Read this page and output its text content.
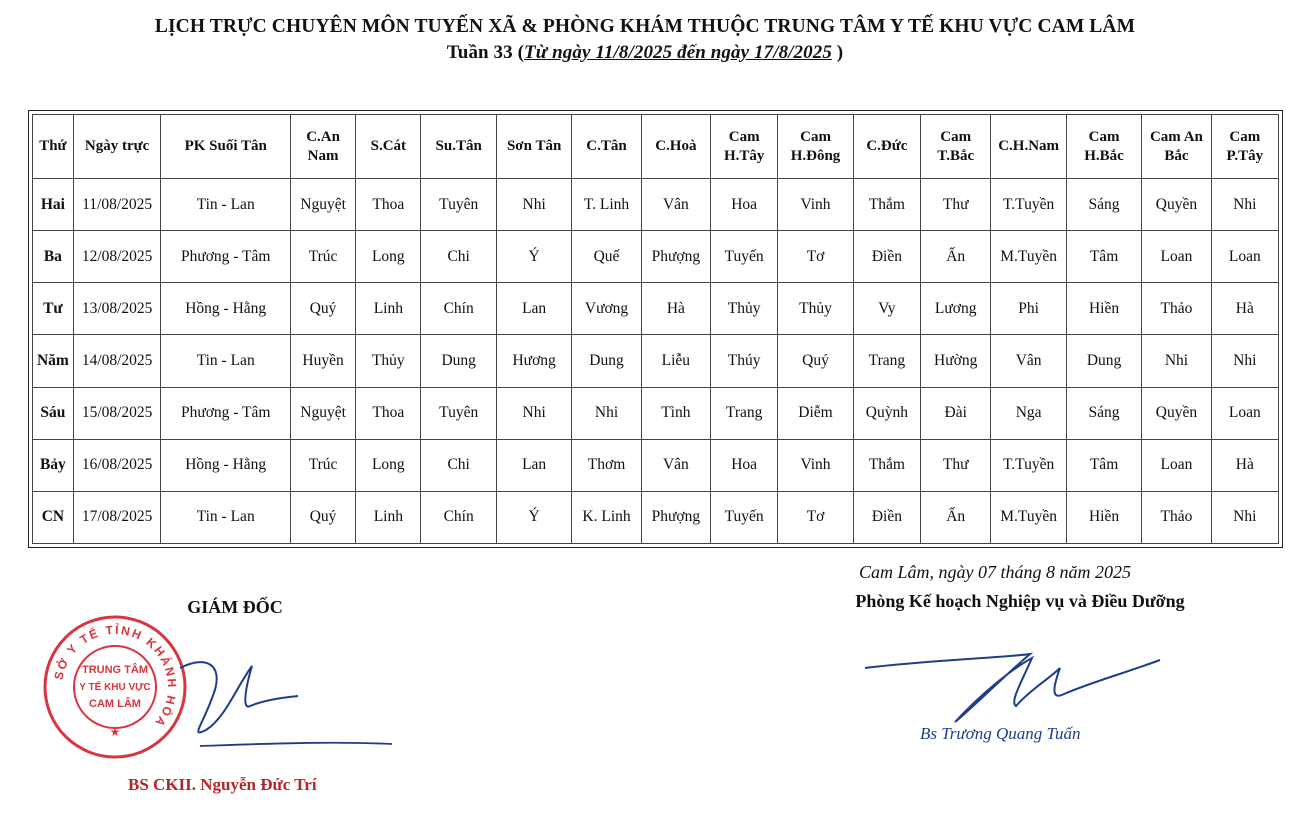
LỊCH TRỰC CHUYÊN MÔN TUYẾN XÃ & PHÒNG KHÁM THUỘC TRUNG TÂM Y TẾ KHU VỰC CAM LÂM
Tuần 33 (Từ ngày 11/8/2025 đến ngày 17/8/2025 )
Thứ	Ngày trực	PK Suối Tân	C.An Nam	S.Cát	Su.Tân	Sơn Tân	C.Tân	C.Hoà	Cam H.Tây	Cam H.Đông	C.Đức	Cam T.Bắc	C.H.Nam	Cam H.Bắc	Cam An Bắc	Cam P.Tây
Hai	11/08/2025	Tin - Lan	Nguyệt	Thoa	Tuyên	Nhi	T. Linh	Vân	Hoa	Vinh	Thắm	Thư	T.Tuyền	Sáng	Quyền	Nhi
Ba	12/08/2025	Phương - Tâm	Trúc	Long	Chi	Ý	Quế	Phượng	Tuyến	Tơ	Điền	Ấn	M.Tuyền	Tâm	Loan	Loan
Tư	13/08/2025	Hồng - Hằng	Quý	Linh	Chín	Lan	Vương	Hà	Thủy	Thủy	Vy	Lương	Phi	Hiền	Thảo	Hà
Năm	14/08/2025	Tin - Lan	Huyền	Thủy	Dung	Hương	Dung	Liễu	Thúy	Quý	Trang	Hường	Vân	Dung	Nhi	Nhi
Sáu	15/08/2025	Phương - Tâm	Nguyệt	Thoa	Tuyên	Nhi	Nhi	Tình	Trang	Diễm	Quỳnh	Đài	Nga	Sáng	Quyền	Loan
Bảy	16/08/2025	Hồng - Hằng	Trúc	Long	Chi	Lan	Thơm	Vân	Hoa	Vinh	Thắm	Thư	T.Tuyền	Tâm	Loan	Hà
CN	17/08/2025	Tin - Lan	Quý	Linh	Chín	Ý	K. Linh	Phượng	Tuyến	Tơ	Điền	Ấn	M.Tuyền	Hiền	Thảo	Nhi
Cam Lâm, ngày 07 tháng 8 năm 2025
Phòng Kế hoạch Nghiệp vụ và Điều Dưỡng
GIÁM ĐỐC
SỞ Y TẾ TỈNH KHÁNH HÒA
TRUNG TÂM
Y TẾ KHU VỰC
CAM LÂM
★
BS CKII. Nguyễn Đức Trí
Bs Trương Quang Tuấn
